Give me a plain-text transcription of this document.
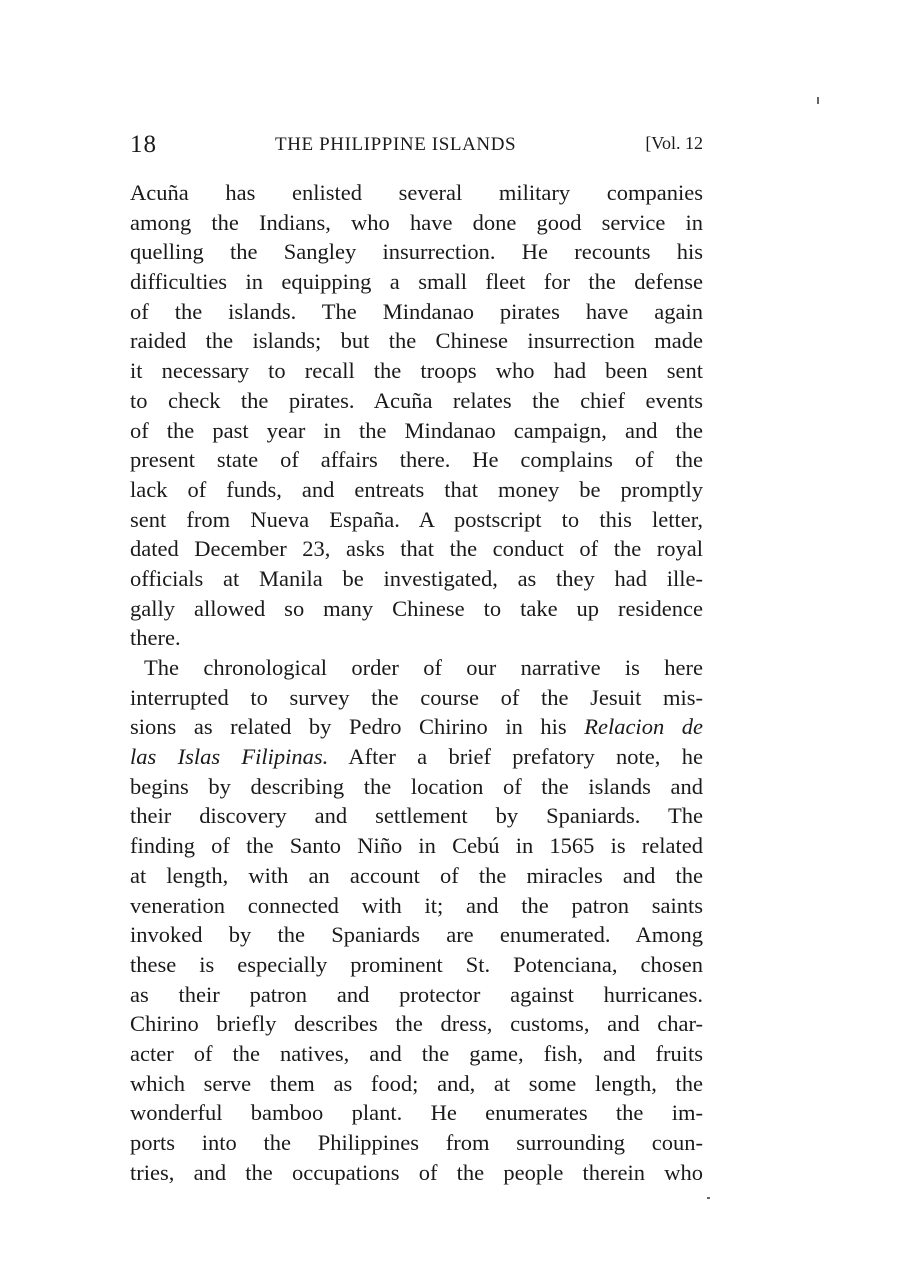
18	THE PHILIPPINE ISLANDS	[Vol. 12
Acuña has enlisted several military companies
among the Indians, who have done good service in
quelling the Sangley insurrection. He recounts his
difficulties in equipping a small fleet for the defense
of the islands. The Mindanao pirates have again
raided the islands; but the Chinese insurrection made
it necessary to recall the troops who had been sent
to check the pirates. Acuña relates the chief events
of the past year in the Mindanao campaign, and the
present state of affairs there. He complains of the
lack of funds, and entreats that money be promptly
sent from Nueva España. A postscript to this letter,
dated December 23, asks that the conduct of the royal
officials at Manila be investigated, as they had ille-
gally allowed so many Chinese to take up residence
there.
The chronological order of our narrative is here
interrupted to survey the course of the Jesuit mis-
sions as related by Pedro Chirino in his Relacion de
las Islas Filipinas. After a brief prefatory note, he
begins by describing the location of the islands and
their discovery and settlement by Spaniards. The
finding of the Santo Niño in Cebú in 1565 is related
at length, with an account of the miracles and the
veneration connected with it; and the patron saints
invoked by the Spaniards are enumerated. Among
these is especially prominent St. Potenciana, chosen
as their patron and protector against hurricanes.
Chirino briefly describes the dress, customs, and char-
acter of the natives, and the game, fish, and fruits
which serve them as food; and, at some length, the
wonderful bamboo plant. He enumerates the im-
ports into the Philippines from surrounding coun-
tries, and the occupations of the people therein who
